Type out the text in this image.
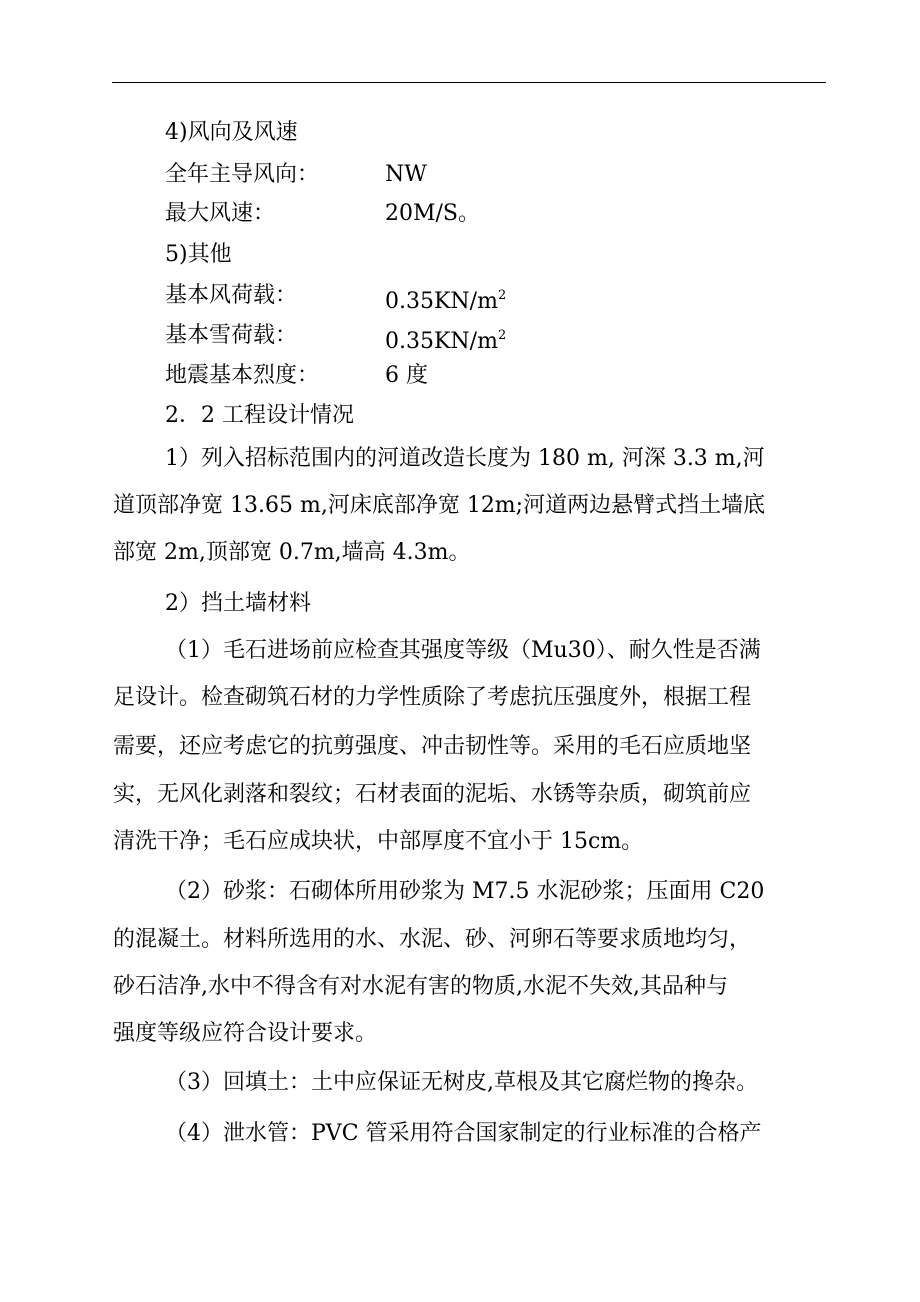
4)风向及风速
全年主导风向：	NW
最大风速：	20M/S。
5)其他
基本风荷载：	$0.35KN/m^2$
基本雪荷载：	$0.35KN/m^2$
地震基本烈度：	6 度
2．2 工程设计情况
1）列入招标范围内的河道改造长度为 180 m, 河深 3.3 m,河
道顶部净宽 13.65 m,河床底部净宽 12m;河道两边悬臂式挡土墙底
部宽 2m,顶部宽 0.7m,墙高 4.3m。
2）挡土墙材料
（1）毛石进场前应检查其强度等级（Mu30）、耐久性是否满
足设计。检查砌筑石材的力学性质除了考虑抗压强度外，根据工程
需要，还应考虑它的抗剪强度、冲击韧性等。采用的毛石应质地坚
实，无风化剥落和裂纹；石材表面的泥垢、水锈等杂质，砌筑前应
清洗干净；毛石应成块状，中部厚度不宜小于 15cm。
（2）砂浆：石砌体所用砂浆为 M7.5 水泥砂浆；压面用 C20
的混凝土。材料所选用的水、水泥、砂、河卵石等要求质地均匀，
砂石洁净,水中不得含有对水泥有害的物质,水泥不失效,其品种与
强度等级应符合设计要求。
（3）回填土：土中应保证无树皮,草根及其它腐烂物的搀杂。
（4）泄水管：PVC 管采用符合国家制定的行业标准的合格产
